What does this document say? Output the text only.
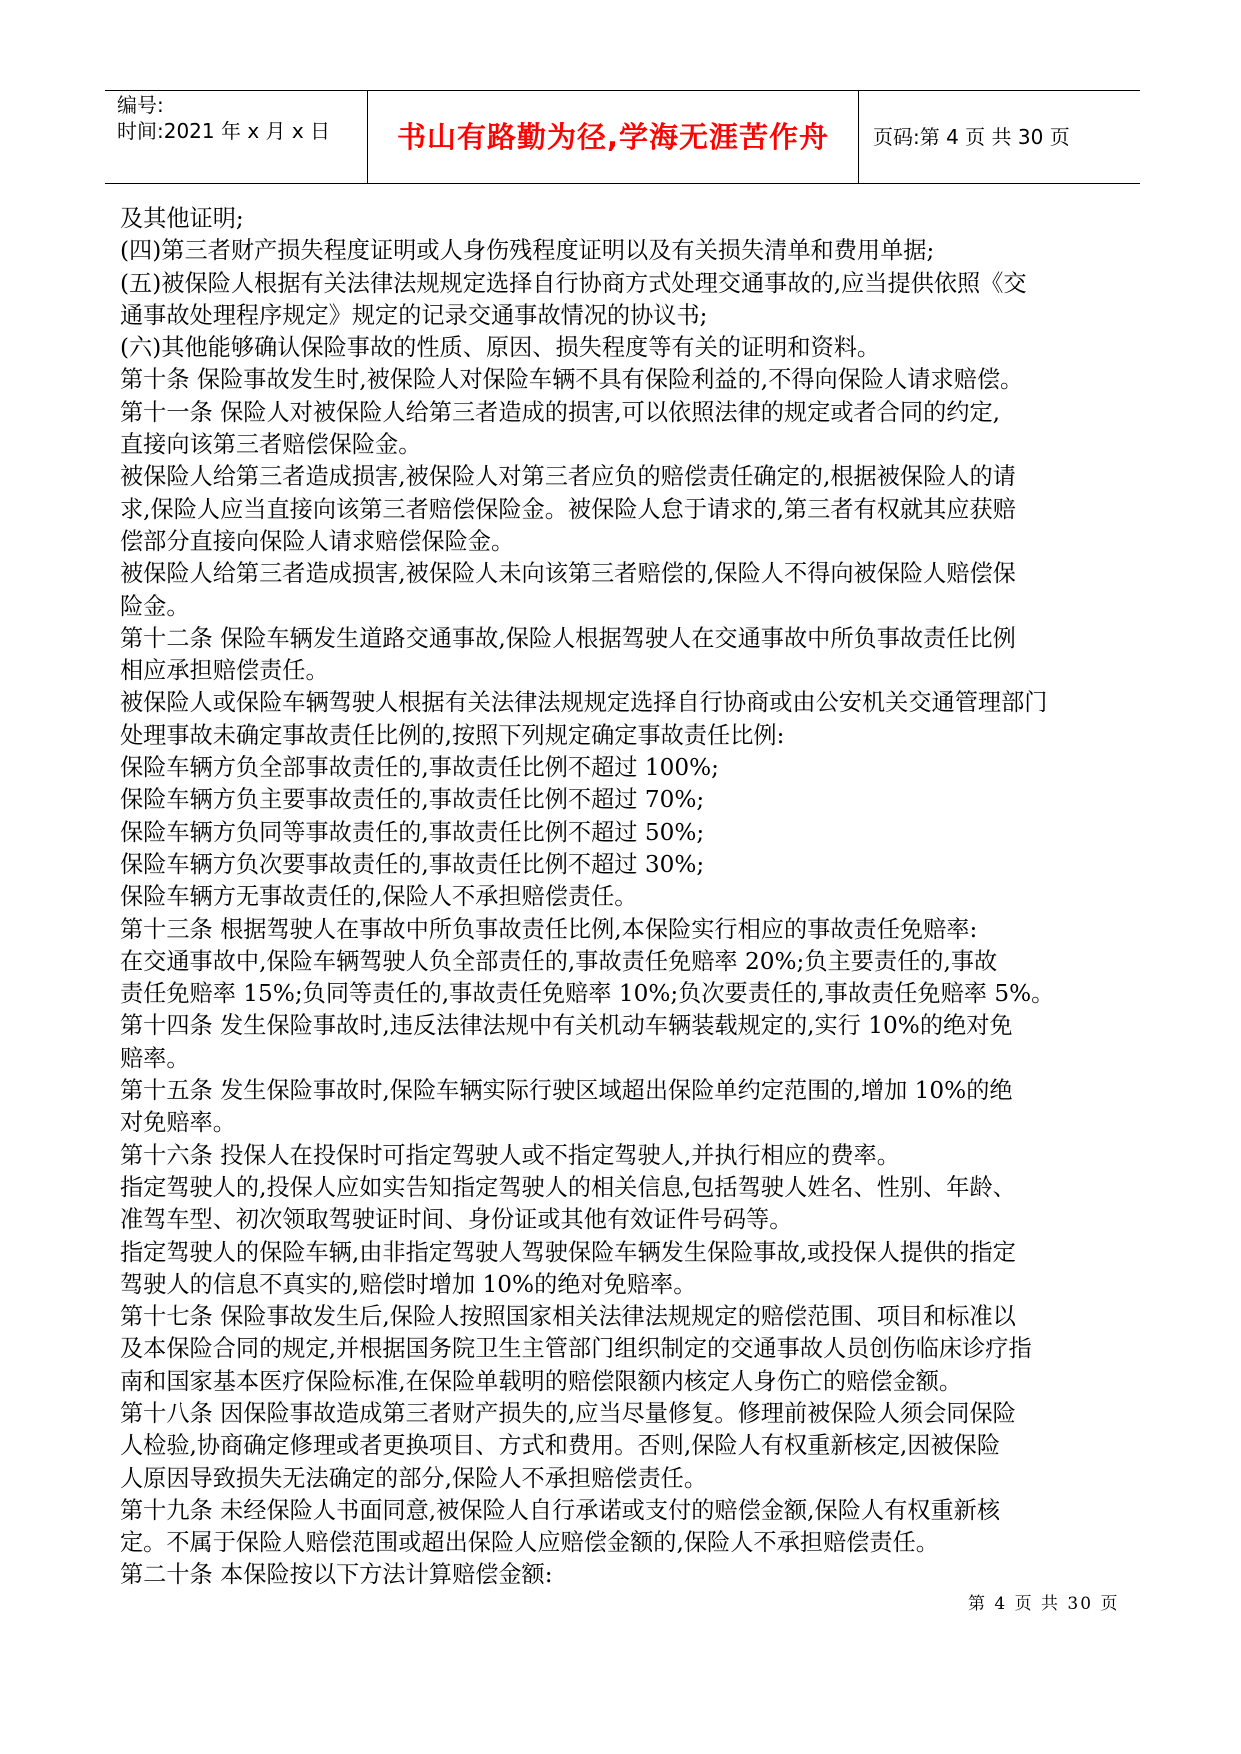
编号:
时间:2021 年 x 月 x 日	书山有路勤为径,学海无涯苦作舟	页码:第 4 页 共 30 页
及其他证明;
(四)第三者财产损失程度证明或人身伤残程度证明以及有关损失清单和费用单据;
(五)被保险人根据有关法律法规规定选择自行协商方式处理交通事故的,应当提供依照《交
通事故处理程序规定》规定的记录交通事故情况的协议书;
(六)其他能够确认保险事故的性质、原因、损失程度等有关的证明和资料。
第十条 保险事故发生时,被保险人对保险车辆不具有保险利益的,不得向保险人请求赔偿。
第十一条 保险人对被保险人给第三者造成的损害,可以依照法律的规定或者合同的约定,
直接向该第三者赔偿保险金。
被保险人给第三者造成损害,被保险人对第三者应负的赔偿责任确定的,根据被保险人的请
求,保险人应当直接向该第三者赔偿保险金。被保险人怠于请求的,第三者有权就其应获赔
偿部分直接向保险人请求赔偿保险金。
被保险人给第三者造成损害,被保险人未向该第三者赔偿的,保险人不得向被保险人赔偿保
险金。
第十二条 保险车辆发生道路交通事故,保险人根据驾驶人在交通事故中所负事故责任比例
相应承担赔偿责任。
被保险人或保险车辆驾驶人根据有关法律法规规定选择自行协商或由公安机关交通管理部门
处理事故未确定事故责任比例的,按照下列规定确定事故责任比例:
保险车辆方负全部事故责任的,事故责任比例不超过 100%;
保险车辆方负主要事故责任的,事故责任比例不超过 70%;
保险车辆方负同等事故责任的,事故责任比例不超过 50%;
保险车辆方负次要事故责任的,事故责任比例不超过 30%;
保险车辆方无事故责任的,保险人不承担赔偿责任。
第十三条 根据驾驶人在事故中所负事故责任比例,本保险实行相应的事故责任免赔率:
在交通事故中,保险车辆驾驶人负全部责任的,事故责任免赔率 20%;负主要责任的,事故
责任免赔率 15%;负同等责任的,事故责任免赔率 10%;负次要责任的,事故责任免赔率 5%。
第十四条 发生保险事故时,违反法律法规中有关机动车辆装载规定的,实行 10%的绝对免
赔率。
第十五条 发生保险事故时,保险车辆实际行驶区域超出保险单约定范围的,增加 10%的绝
对免赔率。
第十六条 投保人在投保时可指定驾驶人或不指定驾驶人,并执行相应的费率。
指定驾驶人的,投保人应如实告知指定驾驶人的相关信息,包括驾驶人姓名、性别、年龄、
准驾车型、初次领取驾驶证时间、身份证或其他有效证件号码等。
指定驾驶人的保险车辆,由非指定驾驶人驾驶保险车辆发生保险事故,或投保人提供的指定
驾驶人的信息不真实的,赔偿时增加 10%的绝对免赔率。
第十七条 保险事故发生后,保险人按照国家相关法律法规规定的赔偿范围、项目和标准以
及本保险合同的规定,并根据国务院卫生主管部门组织制定的交通事故人员创伤临床诊疗指
南和国家基本医疗保险标准,在保险单载明的赔偿限额内核定人身伤亡的赔偿金额。
第十八条 因保险事故造成第三者财产损失的,应当尽量修复。修理前被保险人须会同保险
人检验,协商确定修理或者更换项目、方式和费用。否则,保险人有权重新核定,因被保险
人原因导致损失无法确定的部分,保险人不承担赔偿责任。
第十九条 未经保险人书面同意,被保险人自行承诺或支付的赔偿金额,保险人有权重新核
定。不属于保险人赔偿范围或超出保险人应赔偿金额的,保险人不承担赔偿责任。
第二十条 本保险按以下方法计算赔偿金额:
第 4 页 共 30 页
